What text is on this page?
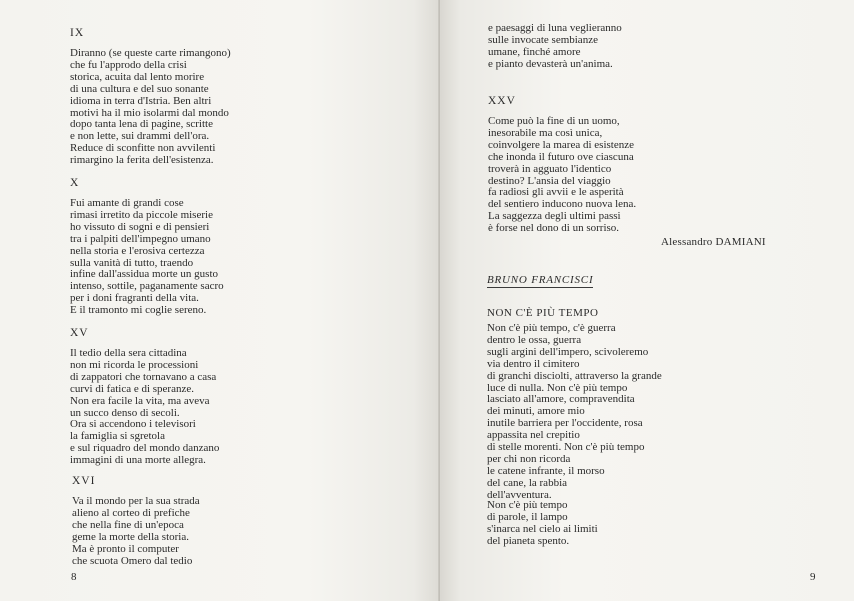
IX
Diranno (se queste carte rimangono)
che fu l'approdo della crisi
storica, acuita dal lento morire
di una cultura e del suo sonante
idioma in terra d'Istria. Ben altri
motivi ha il mio isolarmi dal mondo
dopo tanta lena di pagine, scritte
e non lette, sui drammi dell'ora.
Reduce di sconfitte non avvilenti
rimargino la ferita dell'esistenza.
X
Fui amante di grandi cose
rimasi irretito da piccole miserie
ho vissuto di sogni e di pensieri
tra i palpiti dell'impegno umano
nella storia e l'erosiva certezza
sulla vanità di tutto, traendo
infine dall'assidua morte un gusto
intenso, sottile, paganamente sacro
per i doni fragranti della vita.
E il tramonto mi coglie sereno.
XV
Il tedio della sera cittadina
non mi ricorda le processioni
di zappatori che tornavano a casa
curvi di fatica e di speranze.
Non era facile la vita, ma aveva
un succo denso di secoli.
Ora si accendono i televisori
la famiglia si sgretola
e sul riquadro del mondo danzano
immagini di una morte allegra.
XVI
Va il mondo per la sua strada
alieno al corteo di prefiche
che nella fine di un'epoca
geme la morte della storia.
Ma è pronto il computer
che scuota Omero dal tedio
8
e paesaggi di luna veglieranno
sulle invocate sembianze
umane, finché amore
e pianto devasterà un'anima.
XXV
Come può la fine di un uomo,
inesorabile ma così unica,
coinvolgere la marea di esistenze
che inonda il futuro ove ciascuna
troverà in agguato l'identico
destino? L'ansia del viaggio
fa radiosi gli avvii e le asperità
del sentiero inducono nuova lena.
La saggezza degli ultimi passi
è forse nel dono di un sorriso.
Alessandro DAMIANI
BRUNO FRANCISCI
NON C'È PIÙ TEMPO
Non c'è più tempo, c'è guerra
dentro le ossa, guerra
sugli argini dell'impero, scivoleremo
via dentro il cimitero
di granchi disciolti, attraverso la grande
luce di nulla. Non c'è più tempo
lasciato all'amore, compravendita
dei minuti, amore mio
inutile barriera per l'occidente, rosa
appassita nel crepitio
di stelle morenti. Non c'è più tempo
per chi non ricorda
le catene infrante, il morso
del cane, la rabbia
dell'avventura.
Non c'è più tempo
di parole, il lampo
s'inarca nel cielo ai limiti
del pianeta spento.
9
